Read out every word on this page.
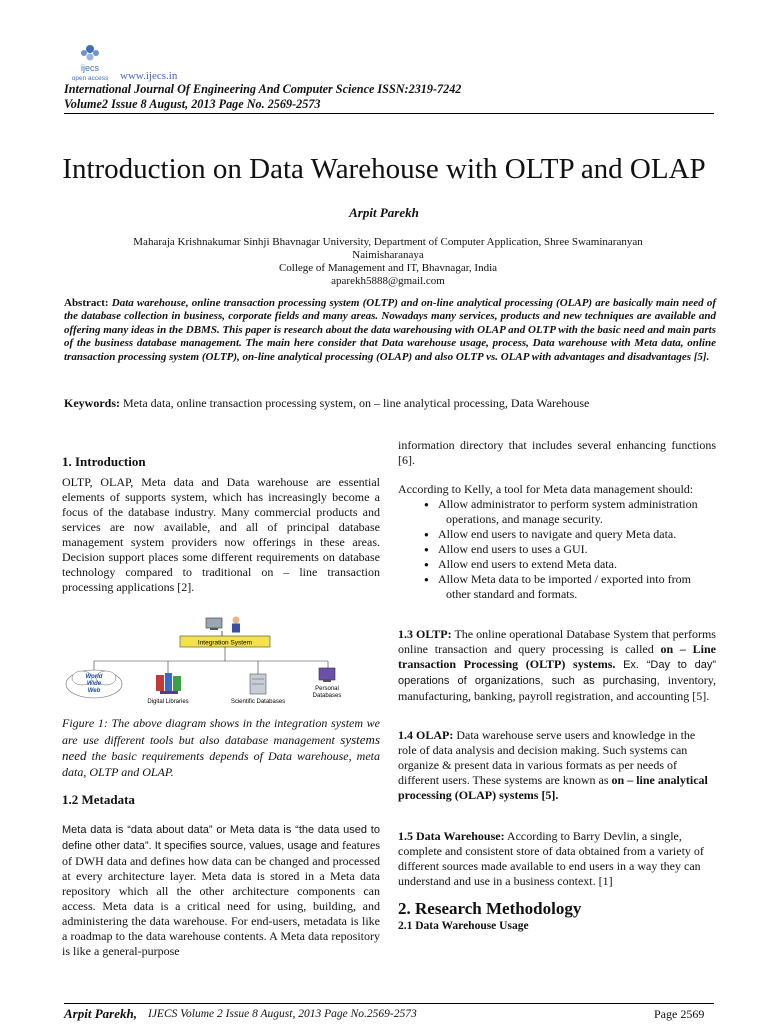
ijecs
open access www.ijecs.in
International Journal Of Engineering And Computer Science ISSN:2319-7242
Volume2 Issue 8 August, 2013 Page No. 2569-2573
Introduction on Data Warehouse with OLTP and OLAP
Arpit Parekh
Maharaja Krishnakumar Sinhji Bhavnagar University, Department of Computer Application, Shree Swaminaranyan Naimisharanaya
College of Management and IT, Bhavnagar, India
aparekh5888@gmail.com
Abstract: Data warehouse, online transaction processing system (OLTP) and on-line analytical processing (OLAP) are basically main need of the database collection in business, corporate fields and many areas. Nowadays many services, products and new techniques are available and offering many ideas in the DBMS. This paper is research about the data warehousing with OLAP and OLTP with the basic need and main parts of the business database management. The main here consider that Data warehouse usage, process, Data warehouse with Meta data, online transaction processing system (OLTP), on-line analytical processing (OLAP) and also OLTP vs. OLAP with advantages and disadvantages [5].
Keywords: Meta data, online transaction processing system, on – line analytical processing, Data Warehouse
1. Introduction
OLTP, OLAP, Meta data and Data warehouse are essential elements of supports system, which has increasingly become a focus of the database industry. Many commercial products and services are now available, and all of principal database management system providers now offerings in these areas. Decision support places some different requirements on database technology compared to traditional on – line transaction processing applications [2].
Integration System
World
Wide
Web
Digital Libraries	Scientific Databases
Personal
Databases
Figure 1: The above diagram shows in the integration system we are use different tools but also database management systems need the basic requirements depends of Data warehouse, meta data, OLTP and OLAP.
1.2 Metadata
Meta data is “data about data” or Meta data is “the data used to define other data”. It specifies source, values, usage and features of DWH data and defines how data can be changed and processed at every architecture layer. Meta data is stored in a Meta data repository which all the other architecture components can access. Meta data is a critical need for using, building, and administering the data warehouse. For end-users, metadata is like a roadmap to the data warehouse contents. A Meta data repository is like a general-purpose
information directory that includes several enhancing functions [6].
According to Kelly, a tool for Meta data management should:
● Allow administrator to perform system administration
operations, and manage security.
● Allow end users to navigate and query Meta data.
● Allow end users to uses a GUI.
● Allow end users to extend Meta data.
● Allow Meta data to be imported / exported into from
other standard and formats.
1.3 OLTP: The online operational Database System that performs online transaction and query processing is called on – Line transaction Processing (OLTP) systems. Ex. “Day to day” operations of organizations, such as purchasing, inventory, manufacturing, banking, payroll registration, and accounting [5].
1.4 OLAP: Data warehouse serve users and knowledge in the role of data analysis and decision making. Such systems can organize & present data in various formats as per needs of different users. These systems are known as on – line analytical processing (OLAP) systems [5].
1.5 Data Warehouse: According to Barry Devlin, a single, complete and consistent store of data obtained from a variety of different sources made available to end users in a way they can understand and use in a business context. [1]
2. Research Methodology
2.1 Data Warehouse Usage
Arpit Parekh, IJECS Volume 2 Issue 8 August, 2013 Page No.2569-2573	Page 2569
